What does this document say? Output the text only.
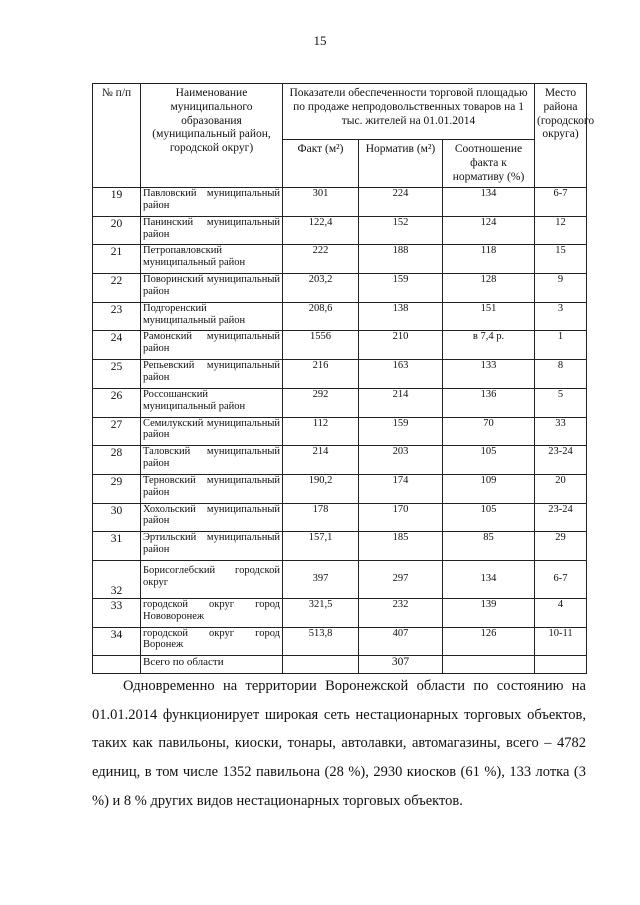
15
№ п/п	Наименование муниципального образования (муниципальный район, городской округ)	Показатели обеспеченности торговой площадью по продаже непродовольственных товаров на 1 тыс. жителей на 01.01.2014			Место района (городского округа)
		Факт (м²)	Норматив (м²)	Соотношение факта к нормативу (%)	
19	Павловский муниципальный район	301	224	134	6-7
20	Панинский муниципальный район	122,4	152	124	12
21	Петропавловский муниципальный район	222	188	118	15
22	Поворинский муниципальный район	203,2	159	128	9
23	Подгоренский муниципальный район	208,6	138	151	3
24	Рамонский муниципальный район	1556	210	в 7,4 р.	1
25	Репьевский муниципальный район	216	163	133	8
26	Россошанский муниципальный район	292	214	136	5
27	Семилукский муниципальный район	112	159	70	33
28	Таловский муниципальный район	214	203	105	23-24
29	Терновский муниципальный район	190,2	174	109	20
30	Хохольский муниципальный район	178	170	105	23-24
31	Эртильский муниципальный район	157,1	185	85	29
32	Борисоглебский городской округ	397	297	134	6-7
33	городской округ город Нововоронеж	321,5	232	139	4
34	городской округ город Воронеж	513,8	407	126	10-11
	Всего по области		307		
Одновременно на территории Воронежской области по состоянию на 01.01.2014 функционирует широкая сеть нестационарных торговых объектов, таких как павильоны, киоски, тонары, автолавки, автомагазины, всего – 4782 единиц, в том числе 1352 павильона (28 %), 2930 киосков (61 %), 133 лотка (3 %) и 8 % других видов нестационарных торговых объектов.
